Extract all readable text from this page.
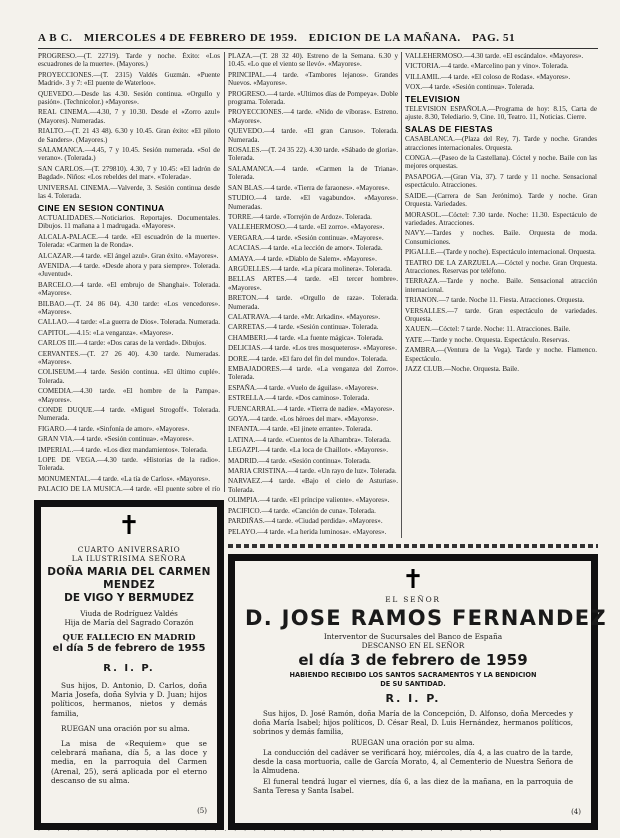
A B C. MIERCOLES 4 DE FEBRERO DE 1959. EDICION DE LA MAÑANA. PAG. 51

PROGRESO.—(T. 22719). Tarde y noche. Éxito: «Los escuadrones de la muerte». (Mayores.)

PROYECCIONES.—(T. 2315) Valdés Guzmán. «Puente Madrid». 3 y 7: «El puente de Waterloo».

QUEVEDO.—Desde las 4.30. Sesión continua. «Orgullo y pasión». (Technicolor.) «Mayores».

REAL CINEMA.—4.30, 7 y 10.30. Desde el «Zorro azul» (Mayores). Numeradas.

RIALTO.—(T. 21 43 48). 6.30 y 10.45. Gran éxito: «El piloto de Sanders». (Mayores.)

SALAMANCA.—4.45, 7 y 10.45. Sesión numerada. «Sol de verano». (Tolerada.)

SAN CARLOS.—(T. 279810). 4.30, 7 y 10.45: «El ladrón de Bagdad». Niños: «Los rebeldes del mar». «Tolerada».

UNIVERSAL CINEMA.—Valverde, 3. Sesión continua desde las 4. Tolerada.

CINE EN SESION CONTINUA

ACTUALIDADES.—Noticiarios. Reportajes. Documentales. Dibujos. 11 mañana a 1 madrugada. «Mayores».

ALCALA-PALACE.—4 tarde. «El escuadrón de la muerte». Tolerada: «Carmen la de Ronda».

ALCAZAR.—4 tarde. «El ángel azul». Gran éxito. «Mayores».

AVENIDA.—4 tarde. «Desde ahora y para siempre». Tolerada. «Juventud».

BARCELO.—4 tarde. «El embrujo de Shanghai». Tolerada. «Mayores».

BILBAO.—(T. 24 86 04). 4.30 tarde: «Los vencedores». «Mayores».

CALLAO.—4 tarde: «La guerra de Dios». Tolerada. Numerada.

CAPITOL.—4.15: «La venganza». «Mayores».

CARLOS III.—4 tarde: «Dos caras de la verdad». Dibujos.

CERVANTES.—(T. 27 26 40). 4.30 tarde. Numeradas. «Mayores».

COLISEUM.—4 tarde. Sesión continua. «El último cuplé». Tolerada.

COMEDIA.—4.30 tarde. «El hombre de la Pampa». «Mayores».

CONDE DUQUE.—4 tarde. «Miguel Strogoff». Tolerada. Numerada.

FIGARO.—4 tarde. «Sinfonía de amor». «Mayores».

GRAN VIA.—4 tarde. «Sesión continua». «Mayores».

IMPERIAL.—4 tarde. «Los diez mandamientos». Tolerada.

LOPE DE VEGA.—4.30 tarde. «Historias de la radio». Tolerada.

MONUMENTAL.—4 tarde. «La tía de Carlos». «Mayores».

PALACIO DE LA MUSICA.—4 tarde. «El puente sobre el río

PLAZA.—(T. 28 32 40). Estreno de la Semana. 6.30 y 10.45. «Lo que el viento se llevó». «Mayores».

PRINCIPAL.—4 tarde. «Tambores lejanos». Grandes Nuevos. «Mayores».

PROGRESO.—4 tarde. «Ultimos días de Pompeya». Doble programa. Tolerada.

PROYECCIONES.—4 tarde. «Nido de víboras». Estreno. «Mayores».

QUEVEDO.—4 tarde. «El gran Caruso». Tolerada. Numerada.

ROSALES.—(T. 24 35 22). 4.30 tarde. «Sábado de gloria». Tolerada.

SALAMANCA.—4 tarde. «Carmen la de Triana». Tolerada.

SAN BLAS.—4 tarde. «Tierra de faraones». «Mayores».

STUDIO.—4 tarde. «El vagabundo». «Mayores». Numeradas.

TORRE.—4 tarde. «Torrejón de Ardoz». Tolerada.

VALLEHERMOSO.—4 tarde. «El zorro». «Mayores».

VERGARA.—4 tarde. «Sesión continua». «Mayores».

ACACIAS.—4 tarde. «La lección de amor». Tolerada.

AMAYA.—4 tarde. «Diablo de Salem». «Mayores».

ARGÜELLES.—4 tarde. «La pícara molinera». Tolerada.

BELLAS ARTES.—4 tarde. «El tercer hombre». «Mayores».

BRETON.—4 tarde. «Orgullo de raza». Tolerada. Numerada.

CALATRAVA.—4 tarde. «Mr. Arkadin». «Mayores».

CARRETAS.—4 tarde. «Sesión continua». Tolerada.

CHAMBERI.—4 tarde. «La fuente mágica». Tolerada.

DELICIAS.—4 tarde. «Los tres mosqueteros». «Mayores».

DORE.—4 tarde. «El faro del fin del mundo». Tolerada.

EMBAJADORES.—4 tarde. «La venganza del Zorro». Tolerada.

ESPAÑA.—4 tarde. «Vuelo de águilas». «Mayores».

ESTRELLA.—4 tarde. «Dos caminos». Tolerada.

FUENCARRAL.—4 tarde. «Tierra de nadie». «Mayores».

GOYA.—4 tarde. «Los héroes del mar». «Mayores».

INFANTA.—4 tarde. «El jinete errante». Tolerada.

LATINA.—4 tarde. «Cuentos de la Alhambra». Tolerada.

LEGAZPI.—4 tarde. «La loca de Chaillot». «Mayores».

MADRID.—4 tarde. «Sesión continua». Tolerada.

MARIA CRISTINA.—4 tarde. «Un rayo de luz». Tolerada.

NARVAEZ.—4 tarde. «Bajo el cielo de Asturias». Tolerada.

OLIMPIA.—4 tarde. «El príncipe valiente». «Mayores».

PACIFICO.—4 tarde. «Canción de cuna». Tolerada.

PARDIÑAS.—4 tarde. «Ciudad perdida». «Mayores».

PELAYO.—4 tarde. «La herida luminosa». «Mayores».

VALLEHERMOSO.—4.30 tarde. «El escándalo». «Mayores».

VICTORIA.—4 tarde. «Marcelino pan y vino». Tolerada.

VILLAMIL.—4 tarde. «El coloso de Rodas». «Mayores».

VOX.—4 tarde. «Sesión continua». Tolerada.

TELEVISION

TELEVISION ESPAÑOLA.—Programa de hoy: 8.15, Carta de ajuste. 8.30, Telediario. 9, Cine. 10, Teatro. 11, Noticias. Cierre.

SALAS DE FIESTAS

CASABLANCA.—(Plaza del Rey, 7). Tarde y noche. Grandes atracciones internacionales. Orquesta.

CONGA.—(Paseo de la Castellana). Cóctel y noche. Baile con las mejores orquestas.

PASAPOGA.—(Gran Vía, 37). 7 tarde y 11 noche. Sensacional espectáculo. Atracciones.

SAIDE.—(Carrera de San Jerónimo). Tarde y noche. Gran Orquesta. Variedades.

MORASOL.—Cóctel: 7.30 tarde. Noche: 11.30. Espectáculo de variedades. Atracciones.

NAVY.—Tardes y noches. Baile. Orquesta de moda. Consumiciones.

PIGALLE.—(Tarde y noche). Espectáculo internacional. Orquesta.

TEATRO DE LA ZARZUELA.—Cóctel y noche. Gran Orquesta. Atracciones. Reservas por teléfono.

TERRAZA.—Tarde y noche. Baile. Sensacional atracción internacional.

TRIANON.—7 tarde. Noche 11. Fiesta. Atracciones. Orquesta.

VERSALLES.—7 tarde. Gran espectáculo de variedades. Orquesta.

XAUEN.—Cóctel: 7 tarde. Noche: 11. Atracciones. Baile.

YATE.—Tarde y noche. Orquesta. Espectáculo. Reservas.

ZAMBRA.—(Ventura de la Vega). Tarde y noche. Flamenco. Espectáculo.

JAZZ CLUB.—Noche. Orquesta. Baile.

✝
CUARTO ANIVERSARIO
LA ILUSTRISIMA SEÑORA
DOÑA MARIA DEL CARMEN MENDEZ
DE VIGO Y BERMUDEZ
Viuda de Rodríguez Valdés
Hija de María del Sagrado Corazón
QUE FALLECIO EN MADRID
el día 5 de febrero de 1955
R. I. P.

Sus hijos, D. Antonio, D. Carlos, doña Maria Josefa, doña Sylvia y D. Juan; hijos políticos, hermanos, nietos y demás familia,

RUEGAN una oración por su alma.

La misa de «Requiem» que se celebrará mañana, día 5, a las doce y media, en la parroquia del Carmen (Arenal, 25), será aplicada por el eterno descanso de su alma.

(5)
✝
EL SEÑOR
D. JOSE RAMOS FERNANDEZ
Interventor de Sucursales del Banco de España
DESCANSO EN EL SEÑOR
el día 3 de febrero de 1959
HABIENDO RECIBIDO LOS SANTOS SACRAMENTOS Y LA BENDICION
DE SU SANTIDAD.
R. I. P.

Sus hijos, D. José Ramón, doña María de la Concepción, D. Alfonso, doña Mercedes y doña María Isabel; hijos políticos, D. César Real, D. Luis Hernández, hermanos políticos, sobrinos y demás familia,

RUEGAN una oración por su alma.

La conducción del cadáver se verificará hoy, miércoles, día 4, a las cuatro de la tarde, desde la casa mortuoria, calle de García Morato, 4, al Cementerio de Nuestra Señora de la Almudena.

El funeral tendrá lugar el viernes, día 6, a las diez de la mañana, en la parroquia de Santa Teresa y Santa Isabel.

(4)
. . . . . . . . . . . . . . . . . . . . . . . . . . . . . . . . . . . . . . . . . . . . . . . .
